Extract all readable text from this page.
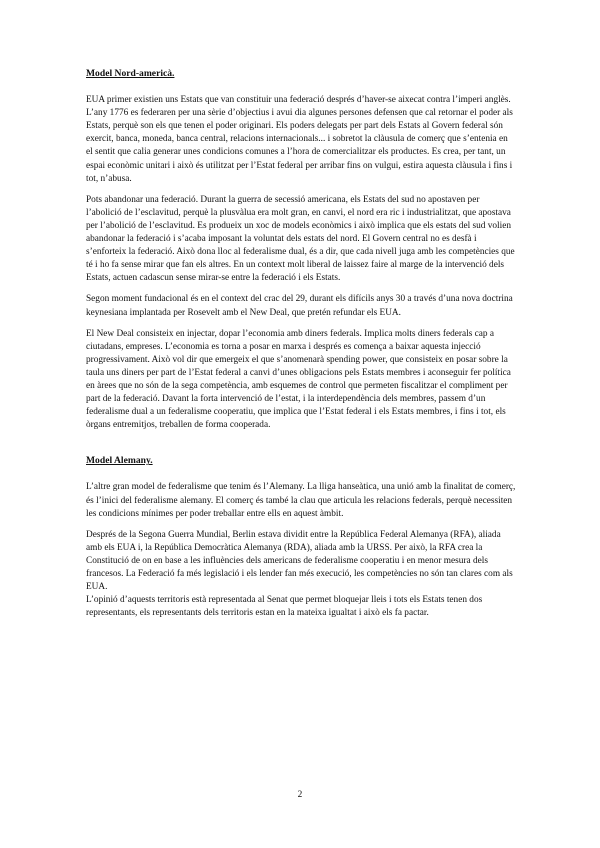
Model Nord-americà.

EUA primer existien uns Estats que van constituir una federació després d’haver-se aixecat contra l’imperi anglès. L’any 1776 es federaren per una sèrie d’objectius i avui dia algunes persones defensen que cal retornar el poder als Estats, perquè son els que tenen el poder originari. Els poders delegats per part dels Estats al Govern federal són exercit, banca, moneda, banca central, relacions internacionals... i sobretot la clàusula de comerç que s’entenia en el sentit que calia generar unes condicions comunes a l’hora de comercialitzar els productes. Es crea, per tant, un espai econòmic unitari i això és utilitzat per l’Estat federal per arribar fins on vulgui, estira aquesta clàusula i fins i tot, n’abusa.

Pots abandonar una federació. Durant la guerra de secessió americana, els Estats del sud no apostaven per l’abolició de l’esclavitud, perquè la plusvàlua era molt gran, en canvi, el nord era ric i industrialitzat, que apostava per l’abolició de l’esclavitud. Es produeix un xoc de models econòmics i això implica que els estats del sud volien abandonar la federació i s’acaba imposant la voluntat dels estats del nord. El Govern central no es desfà i s’enforteix la federació. Això dona lloc al federalisme dual, és a dir, que cada nivell juga amb les competències que té i ho fa sense mirar que fan els altres. En un context molt liberal de laissez faire al marge de la intervenció dels Estats, actuen cadascun sense mirar-se entre la federació i els Estats.

Segon moment fundacional és en el context del crac del 29, durant els difícils anys 30 a través d’una nova doctrina keynesiana implantada per Rosevelt amb el New Deal, que pretén refundar els EUA.

El New Deal consisteix en injectar, dopar l’economia amb diners federals. Implica molts diners federals cap a ciutadans, empreses. L’economia es torna a posar en marxa i després es comença a baixar aquesta injecció progressivament. Això vol dir que emergeix el que s’anomenarà spending power, que consisteix en posar sobre la taula uns diners per part de l’Estat federal a canvi d’unes obligacions pels Estats membres i aconseguir fer política en àrees que no són de la sega competència, amb esquemes de control que permeten fiscalitzar el compliment per part de la federació. Davant la forta intervenció de l’estat, i la interdependència dels membres, passem d’un federalisme dual a un federalisme cooperatiu, que implica que l’Estat federal i els Estats membres, i fins i tot, els òrgans entremitjos, treballen de forma cooperada.

Model Alemany.

L’altre gran model de federalisme que tenim és l’Alemany. La lliga hanseàtica, una unió amb la finalitat de comerç, és l’inici del federalisme alemany. El comerç és també la clau que articula les relacions federals, perquè necessiten les condicions mínimes per poder treballar entre ells en aquest àmbit.

Després de la Segona Guerra Mundial, Berlin estava dividit entre la República Federal Alemanya (RFA), aliada amb els EUA i, la República Democràtica Alemanya (RDA), aliada amb la URSS. Per això, la RFA crea la Constitució de on en base a les influències dels americans de federalisme cooperatiu i en menor mesura dels francesos. La Federació fa més legislació i els lender fan més execució, les competències no són tan clares com als EUA.

L’opinió d’aquests territoris està representada al Senat que permet bloquejar lleis i tots els Estats tenen dos representants, els representants dels territoris estan en la mateixa igualtat i això els fa pactar.

2
